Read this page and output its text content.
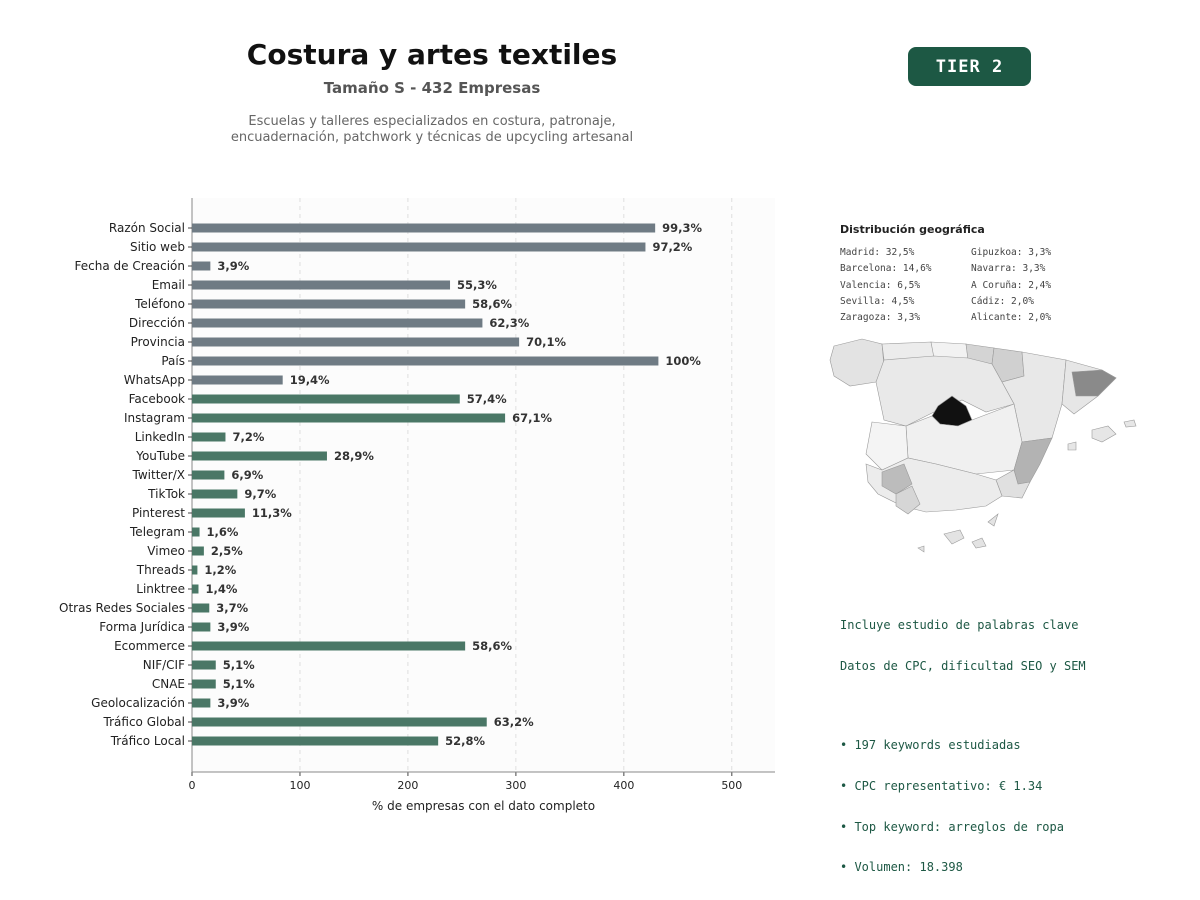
Costura y artes textiles
Tamaño S - 432 Empresas
Escuelas y talleres especializados en costura, patronaje,
encuadernación, patchwork y técnicas de upcycling artesanal
TIER 2
0	100	200	300	400	500
% de empresas con el dato completo
Razón Social	99,3%
Sitio web	97,2%
Fecha de Creación	3,9%
Email	55,3%
Teléfono	58,6%
Dirección	62,3%
Provincia	70,1%
País	100%
WhatsApp	19,4%
Facebook	57,4%
Instagram	67,1%
LinkedIn	7,2%
YouTube	28,9%
Twitter/X	6,9%
TikTok	9,7%
Pinterest	11,3%
Telegram 1,6%
Vimeo 2,5%
Threads 1,2%
Linktree 1,4%
Otras Redes Sociales	3,7%
Forma Jurídica	3,9%
Ecommerce	58,6%
NIF/CIF	5,1%
CNAE	5,1%
Geolocalización	3,9%
Tráfico Global	63,2%
Tráfico Local	52,8%
Distribución geográfica
Madrid: 32,5%	Gipuzkoa: 3,3%
Barcelona: 14,6%	Navarra: 3,3%
Valencia: 6,5%	A Coruña: 2,4%
Sevilla: 4,5%	Cádiz: 2,0%
Zaragoza: 3,3%	Alicante: 2,0%

Incluye estudio de palabras clave

Datos de CPC, dificultad SEO y SEM

• 197 keywords estudiadas

• CPC representativo: € 1.34

• Top keyword: arreglos de ropa

• Volumen: 18.398
